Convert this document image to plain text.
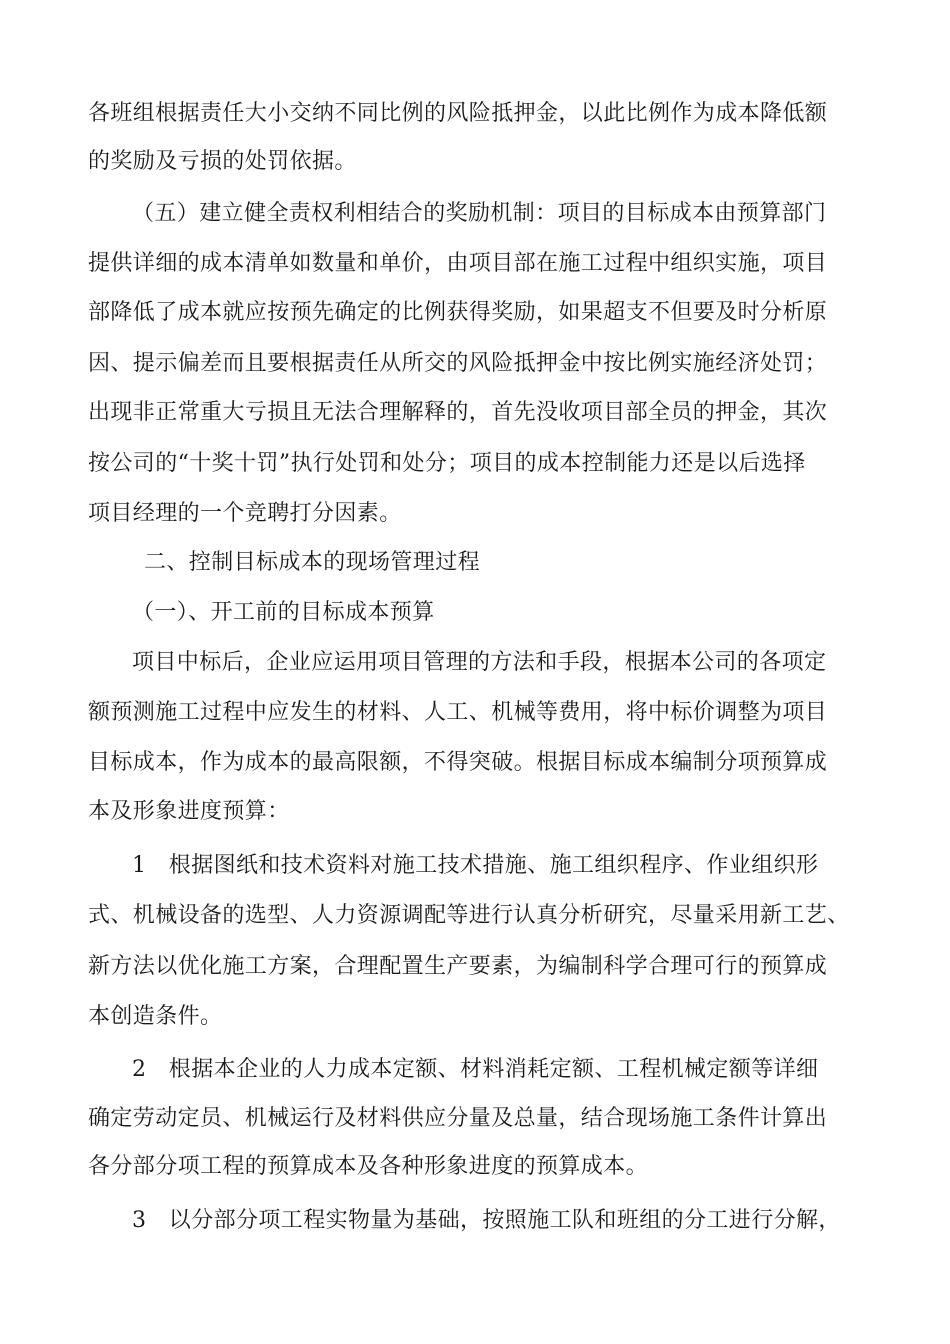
各班组根据责任大小交纳不同比例的风险抵押金，以此比例作为成本降低额
的奖励及亏损的处罚依据。
（五）建立健全责权利相结合的奖励机制：项目的目标成本由预算部门
提供详细的成本清单如数量和单价，由项目部在施工过程中组织实施，项目
部降低了成本就应按预先确定的比例获得奖励，如果超支不但要及时分析原
因、提示偏差而且要根据责任从所交的风险抵押金中按比例实施经济处罚；
出现非正常重大亏损且无法合理解释的，首先没收项目部全员的押金，其次
按公司的“十奖十罚”执行处罚和处分；项目的成本控制能力还是以后选择
项目经理的一个竞聘打分因素。
二、控制目标成本的现场管理过程
（一）、开工前的目标成本预算
项目中标后，企业应运用项目管理的方法和手段，根据本公司的各项定
额预测施工过程中应发生的材料、人工、机械等费用，将中标价调整为项目
目标成本，作为成本的最高限额，不得突破。根据目标成本编制分项预算成
本及形象进度预算：
1　根据图纸和技术资料对施工技术措施、施工组织程序、作业组织形
式、机械设备的选型、人力资源调配等进行认真分析研究，尽量采用新工艺、
新方法以优化施工方案，合理配置生产要素，为编制科学合理可行的预算成
本创造条件。
2　根据本企业的人力成本定额、材料消耗定额、工程机械定额等详细
确定劳动定员、机械运行及材料供应分量及总量，结合现场施工条件计算出
各分部分项工程的预算成本及各种形象进度的预算成本。
3　以分部分项工程实物量为基础，按照施工队和班组的分工进行分解，
